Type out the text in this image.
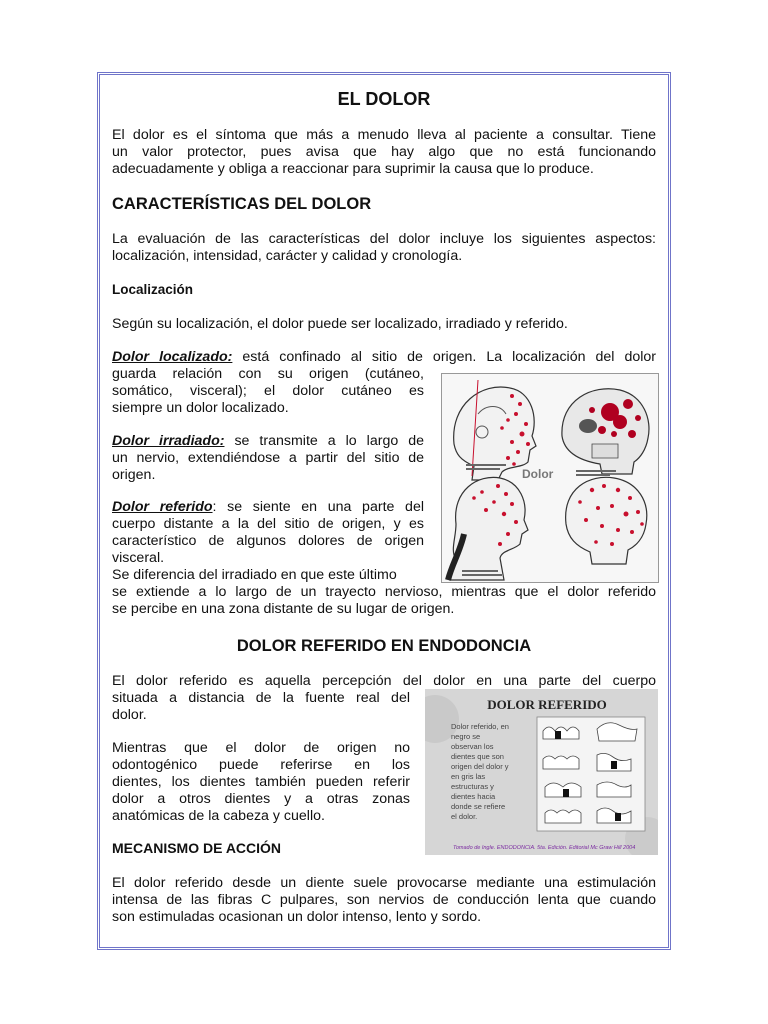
EL DOLOR
El dolor es el síntoma que más a menudo lleva al paciente a consultar. Tiene
un valor protector, pues avisa que hay algo que no está funcionando
adecuadamente y obliga a reaccionar para suprimir la causa que lo produce.
CARACTERÍSTICAS DEL DOLOR
La evaluación de las características del dolor incluye los siguientes aspectos:
localización, intensidad, carácter y calidad y cronología.
Localización
Según su localización, el dolor puede ser localizado, irradiado y referido.
Dolor localizado: está confinado al sitio de origen. La localización del dolor
guarda relación con su origen (cutáneo,
somático, visceral); el dolor cutáneo es
siempre un dolor localizado.
Dolor irradiado: se transmite a lo largo de
un nervio, extendiéndose a partir del sitio de
origen.
Dolor referido: se siente en una parte del
cuerpo distante a la del sitio de origen, y es
característico de algunos dolores de origen
visceral.
Se diferencia del irradiado en que este último
se extiende a lo largo de un trayecto nervioso, mientras que el dolor referido
se percibe en una zona distante de su lugar de origen.
Dolor
DOLOR REFERIDO EN ENDODONCIA
El dolor referido es aquella percepción del dolor en una parte del cuerpo
situada a distancia de la fuente real del
dolor.
Mientras que el dolor de origen no
odontogénico puede referirse en los
dientes, los dientes también pueden referir
dolor a otros dientes y a otras zonas
anatómicas de la cabeza y cuello.
DOLOR REFERIDO
Dolor referido, en
negro se
observan los
dientes que son
origen del dolor y
en gris las
estructuras y
dientes hacia
donde se refiere
el dolor.
Tomado de Ingle. ENDODONCIA. 5ta. Edición. Editorial Mc Graw Hill 2004
MECANISMO DE ACCIÓN
El dolor referido desde un diente suele provocarse mediante una estimulación
intensa de las fibras C pulpares, son nervios de conducción lenta que cuando
son estimuladas ocasionan un dolor intenso, lento y sordo.
